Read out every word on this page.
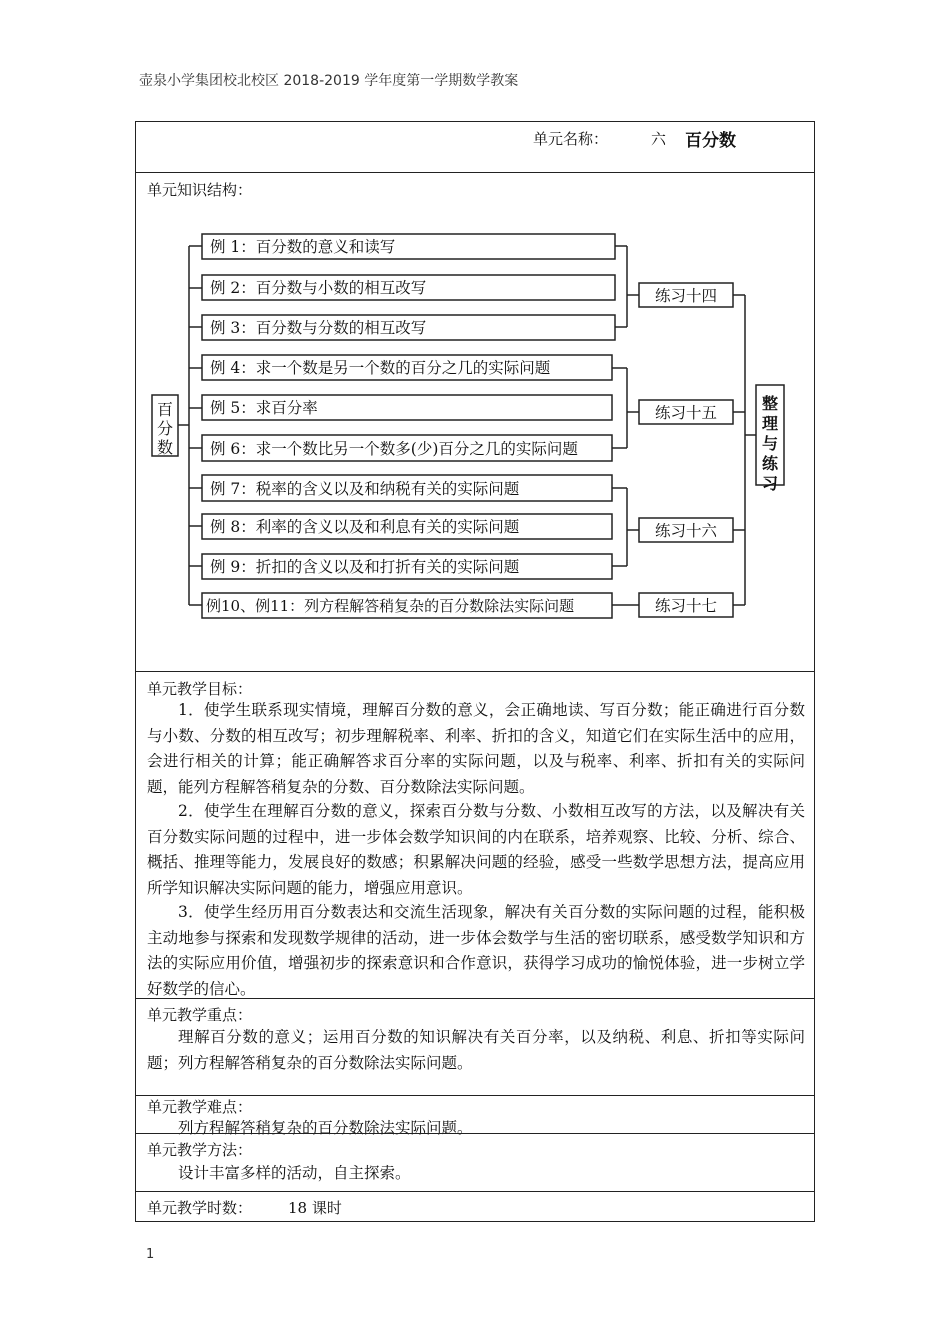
壶泉小学集团校北校区 2018-2019 学年度第一学期数学教案
单元名称：	六 百分数
单元知识结构：
百
分
数
例 1：百分数的意义和读写
例 2：百分数与小数的相互改写
例 3：百分数与分数的相互改写
例 4：求一个数是另一个数的百分之几的实际问题
例 5：求百分率
例 6：求一个数比另一个数多(少)百分之几的实际问题
例 7：税率的含义以及和纳税有关的实际问题
例 8：利率的含义以及和利息有关的实际问题
例 9：折扣的含义以及和打折有关的实际问题
例10、例11：列方程解答稍复杂的百分数除法实际问题
练习十四
练习十五
练习十六
练习十七
整
理
与
练
习
单元教学目标：
1．使学生联系现实情境，理解百分数的意义，会正确地读、写百分数；能正确进行百分数与小数、分数的相互改写；初步理解税率、利率、折扣的含义，知道它们在实际生活中的应用，会进行相关的计算；能正确解答求百分率的实际问题，以及与税率、利率、折扣有关的实际问题，能列方程解答稍复杂的分数、百分数除法实际问题。
2．使学生在理解百分数的意义，探索百分数与分数、小数相互改写的方法，以及解决有关百分数实际问题的过程中，进一步体会数学知识间的内在联系，培养观察、比较、分析、综合、概括、推理等能力，发展良好的数感；积累解决问题的经验，感受一些数学思想方法，提高应用所学知识解决实际问题的能力，增强应用意识。
3．使学生经历用百分数表达和交流生活现象，解决有关百分数的实际问题的过程，能积极主动地参与探索和发现数学规律的活动，进一步体会数学与生活的密切联系，感受数学知识和方法的实际应用价值，增强初步的探索意识和合作意识，获得学习成功的愉悦体验，进一步树立学好数学的信心。
单元教学重点：
理解百分数的意义；运用百分数的知识解决有关百分率，以及纳税、利息、折扣等实际问题；列方程解答稍复杂的百分数除法实际问题。
单元教学难点：
列方程解答稍复杂的百分数除法实际问题。
单元教学方法：
设计丰富多样的活动，自主探索。
单元教学时数： 18 课时
1
